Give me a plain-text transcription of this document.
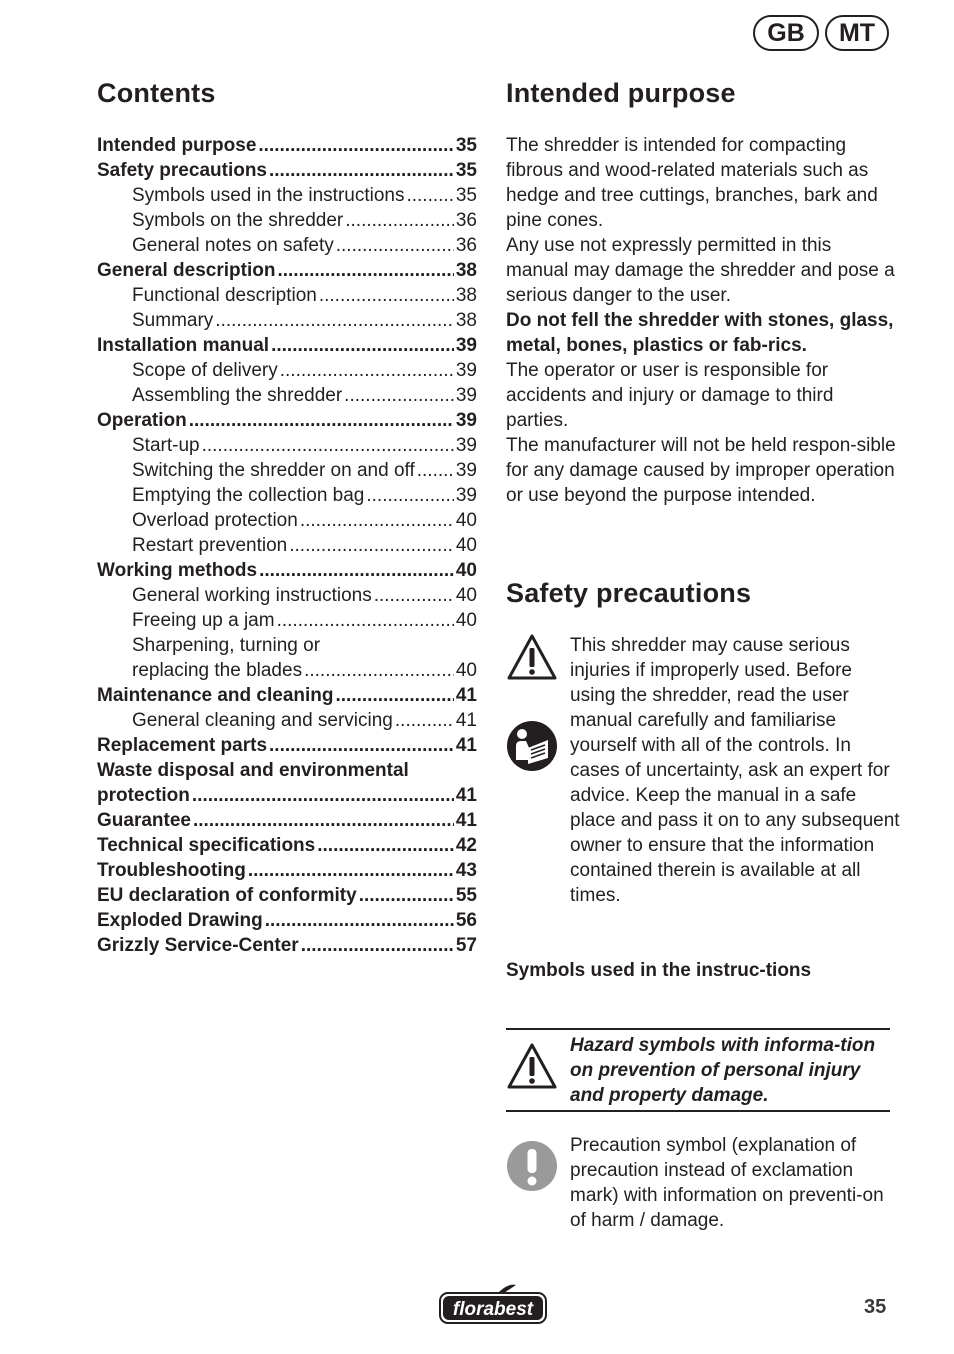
GB	MT
Contents
Intended purpose .....	35
Safety precautions .....	35
Symbols used in the instructions .....	35
Symbols on the shredder .....	36
General notes on safety .....	36
General description .....	38
Functional description .....	38
Summary .....	38
Installation manual .....	39
Scope of delivery .....	39
Assembling the shredder .....	39
Operation .....	39
Start-up .....	39
Switching the shredder on and off ..... 39
Emptying the collection bag .....	39
Overload protection .....	40
Restart prevention .....	40
Working methods .....	40
General working instructions .....	40
Freeing up a jam .....	40
Sharpening, turning or
replacing the blades .....	40
Maintenance and cleaning .....	41
General cleaning and servicing .....	41
Replacement parts .....	41
Waste disposal and environmental
protection .....	41
Guarantee .....	41
Technical specifications .....	42
Troubleshooting .....	43
EU declaration of conformity .....	55
Exploded Drawing .....	56
Grizzly Service-Center .....	57
Intended purpose

The shredder is intended for compacting fibrous and wood-related materials such as hedge and tree cuttings, branches, bark and pine cones.

Any use not expressly permitted in this manual may damage the shredder and pose a serious danger to the user.

Do not fell the shredder with stones, glass, metal, bones, plastics or fab-rics.

The operator or user is responsible for accidents and injury or damage to third parties.

The manufacturer will not be held respon-sible for any damage caused by improper operation or use beyond the purpose intended.

Safety precautions
This shredder may cause serious injuries if improperly used. Before using the shredder, read the user manual carefully and familiarise yourself with all of the controls. In cases of uncertainty, ask an expert for advice. Keep the manual in a safe place and pass it on to any subsequent owner to ensure that the information contained therein is available at all times.
Symbols used in the instruc-tions
Hazard symbols with informa-tion on prevention of personal injury and property damage.
Precaution symbol (explanation of precaution instead of exclamation mark) with information on preventi-on of harm / damage.
florabest	35
